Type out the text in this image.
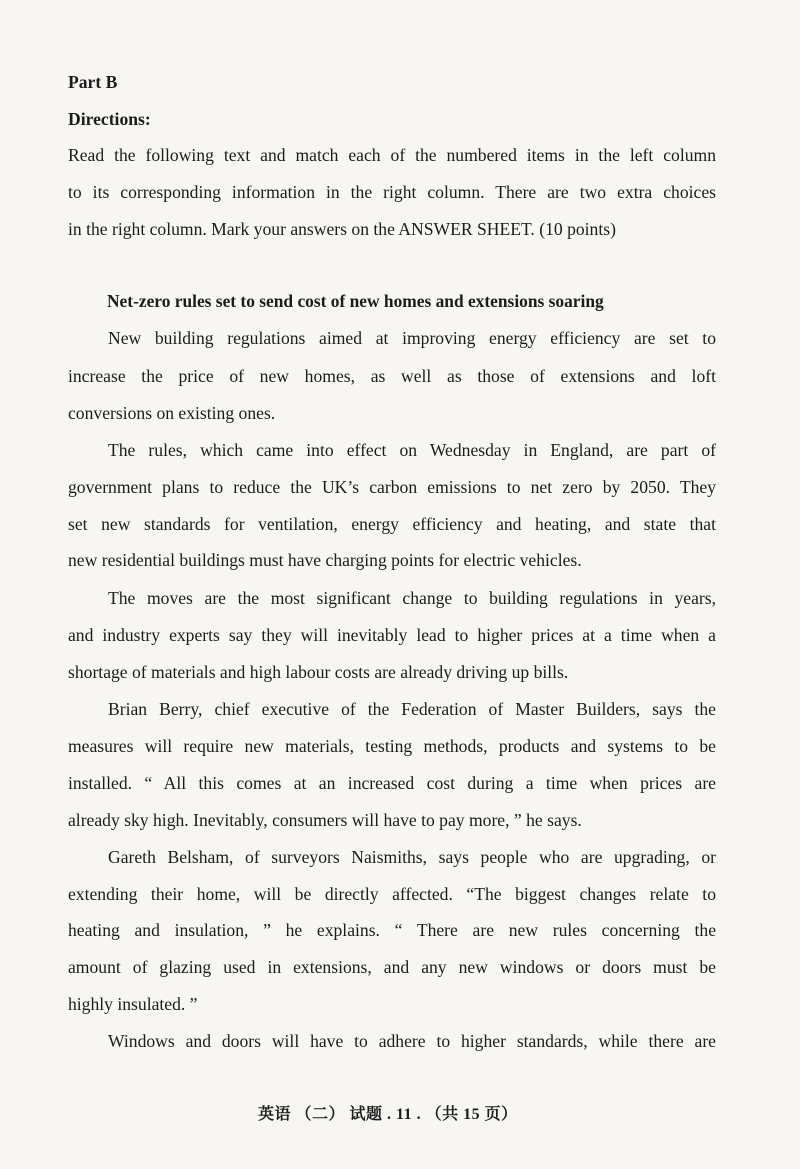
Part B
Directions:
Read the following text and match each of the numbered items in the left column
to its corresponding information in the right column. There are two extra choices
in the right column. Mark your answers on the ANSWER SHEET. (10 points)
Net-zero rules set to send cost of new homes and extensions soaring
New building regulations aimed at improving energy efficiency are set to
increase the price of new homes, as well as those of extensions and loft
conversions on existing ones.
The rules, which came into effect on Wednesday in England, are part of
government plans to reduce the UK’s carbon emissions to net zero by 2050. They
set new standards for ventilation, energy efficiency and heating, and state that
new residential buildings must have charging points for electric vehicles.
The moves are the most significant change to building regulations in years,
and industry experts say they will inevitably lead to higher prices at a time when a
shortage of materials and high labour costs are already driving up bills.
Brian Berry, chief executive of the Federation of Master Builders, says the
measures will require new materials, testing methods, products and systems to be
installed. “ All this comes at an increased cost during a time when prices are
already sky high. Inevitably, consumers will have to pay more, ” he says.
Gareth Belsham, of surveyors Naismiths, says people who are upgrading, or
extending their home, will be directly affected. “The biggest changes relate to
heating and insulation, ” he explains. “ There are new rules concerning the
amount of glazing used in extensions, and any new windows or doors must be
highly insulated. ”
Windows and doors will have to adhere to higher standards, while there are
英语 （二） 试题 . 11 . （共 15 页）
